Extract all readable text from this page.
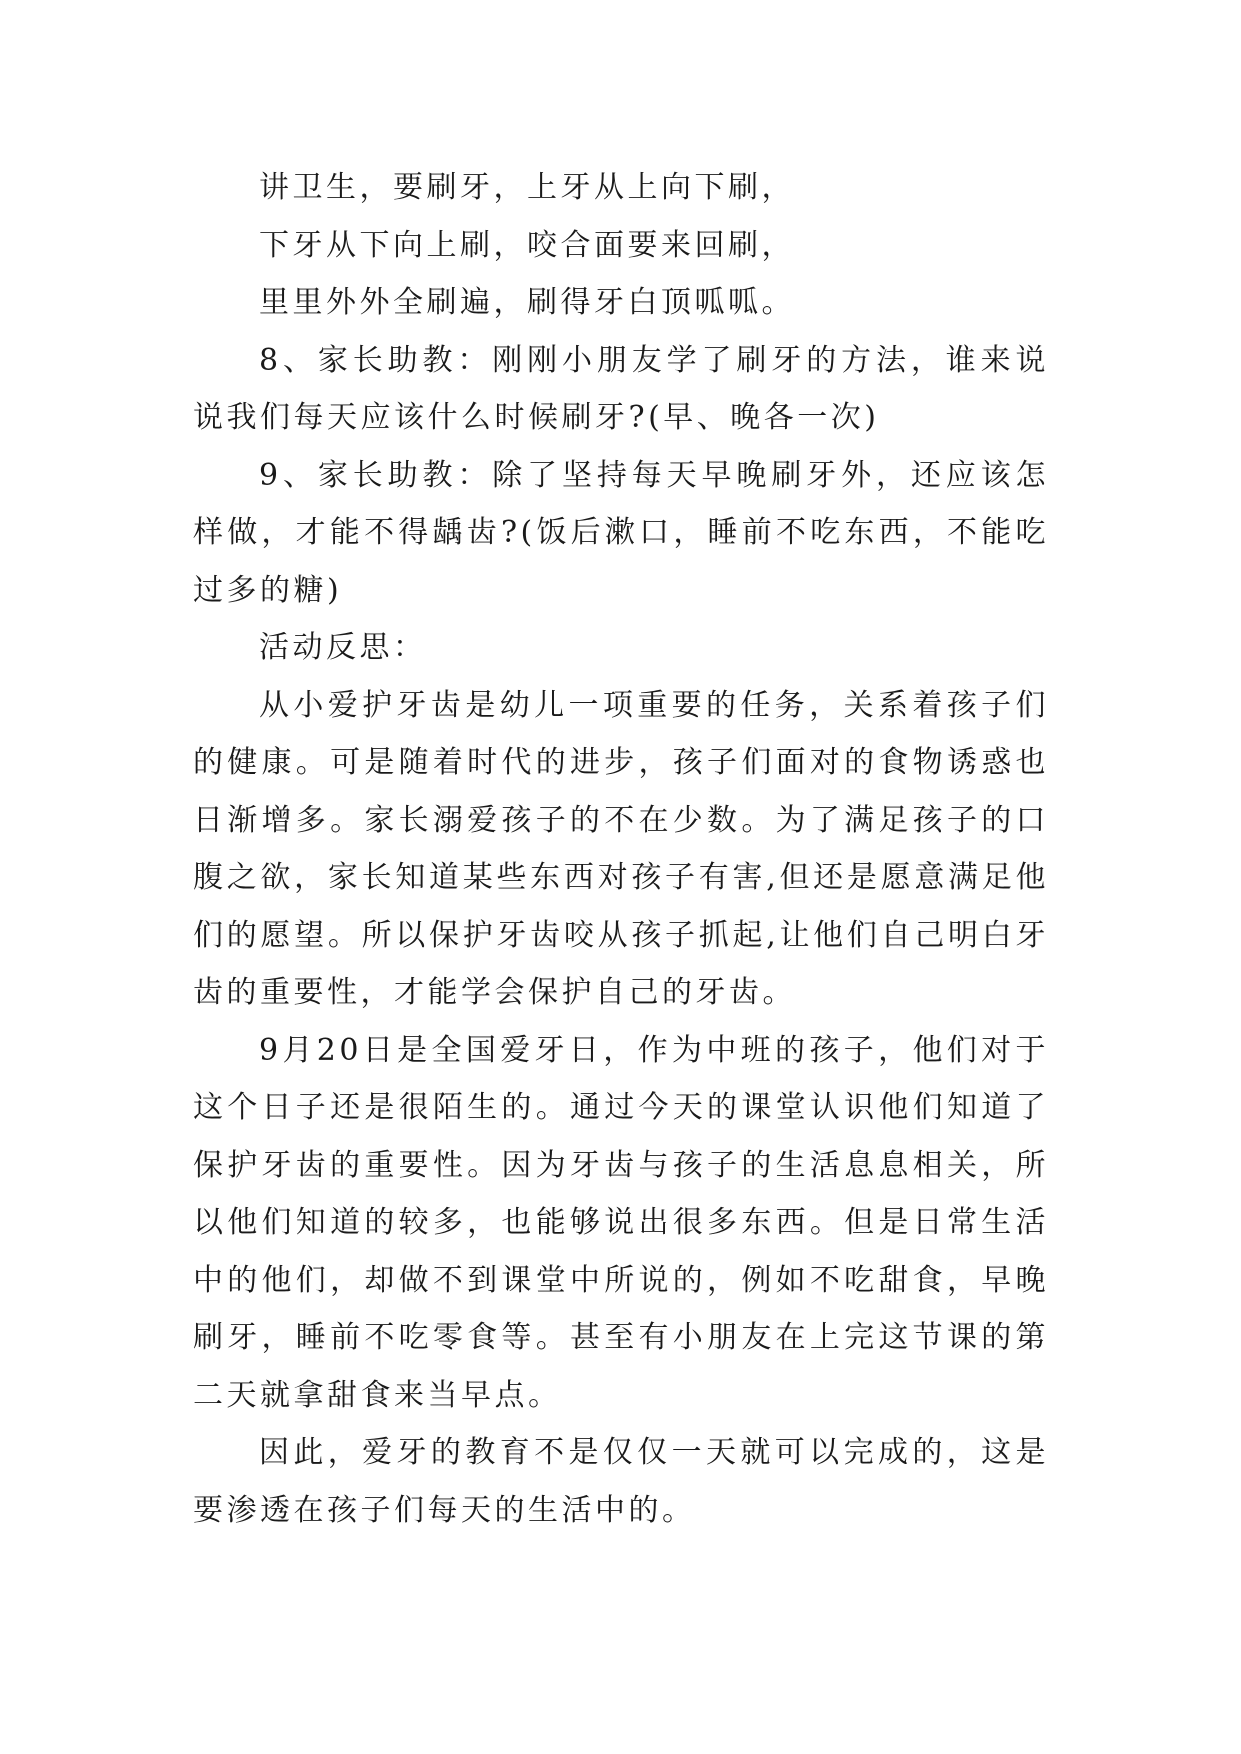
讲卫生，要刷牙，上牙从上向下刷，

下牙从下向上刷，咬合面要来回刷，

里里外外全刷遍，刷得牙白顶呱呱。

8、家长助教：刚刚小朋友学了刷牙的方法，谁来说说我们每天应该什么时候刷牙?(早、晚各一次)

9、家长助教：除了坚持每天早晚刷牙外，还应该怎样做，才能不得龋齿?(饭后漱口，睡前不吃东西，不能吃过多的糖)

活动反思：

从小爱护牙齿是幼儿一项重要的任务，关系着孩子们的健康。可是随着时代的进步，孩子们面对的食物诱惑也日渐增多。家长溺爱孩子的不在少数。为了满足孩子的口腹之欲，家长知道某些东西对孩子有害,但还是愿意满足他们的愿望。所以保护牙齿咬从孩子抓起,让他们自己明白牙齿的重要性，才能学会保护自己的牙齿。

9月20日是全国爱牙日，作为中班的孩子，他们对于这个日子还是很陌生的。通过今天的课堂认识他们知道了保护牙齿的重要性。因为牙齿与孩子的生活息息相关，所以他们知道的较多，也能够说出很多东西。但是日常生活中的他们，却做不到课堂中所说的，例如不吃甜食，早晚刷牙，睡前不吃零食等。甚至有小朋友在上完这节课的第二天就拿甜食来当早点。

因此，爱牙的教育不是仅仅一天就可以完成的，这是要渗透在孩子们每天的生活中的。
